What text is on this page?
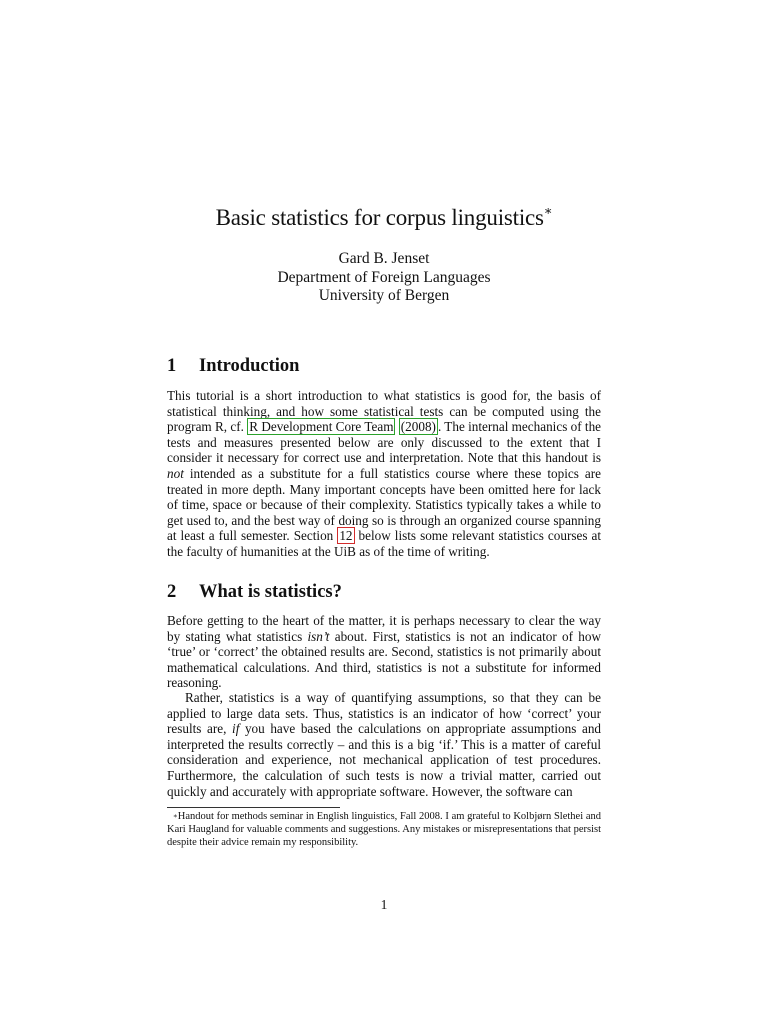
Basic statistics for corpus linguistics∗
Gard B. Jenset
Department of Foreign Languages
University of Bergen
1 Introduction
This tutorial is a short introduction to what statistics is good for, the basis of statistical thinking, and how some statistical tests can be computed using the program R, cf. R Development Core Team (2008) . The internal mechanics of the tests and measures presented below are only discussed to the extent that I consider it necessary for correct use and interpretation. Note that this handout is not intended as a substitute for a full statistics course where these topics are treated in more depth. Many important concepts have been omitted here for lack of time, space or because of their complexity. Statistics typically takes a while to get used to, and the best way of doing so is through an organized course spanning at least a full semester. Section 12 below lists some relevant statistics courses at the faculty of humanities at the UiB as of the time of writing.
2 What is statistics?
Before getting to the heart of the matter, it is perhaps necessary to clear the way by stating what statistics isn’t about. First, statistics is not an indicator of how ‘true’ or ‘correct’ the obtained results are. Second, statistics is not primarily about mathematical calculations. And third, statistics is not a substitute for informed reasoning.
Rather, statistics is a way of quantifying assumptions, so that they can be applied to large data sets. Thus, statistics is an indicator of how ‘correct’ your results are, if you have based the calculations on appropriate assumptions and interpreted the results correctly – and this is a big ‘if.’ This is a matter of careful consideration and experience, not mechanical application of test procedures. Furthermore, the calculation of such tests is now a trivial matter, carried out quickly and accurately with appropriate software. However, the software can
∗Handout for methods seminar in English linguistics, Fall 2008. I am grateful to Kolbjørn Slethei and Kari Haugland for valuable comments and suggestions. Any mistakes or misrepresentations that persist despite their advice remain my responsibility.
1
